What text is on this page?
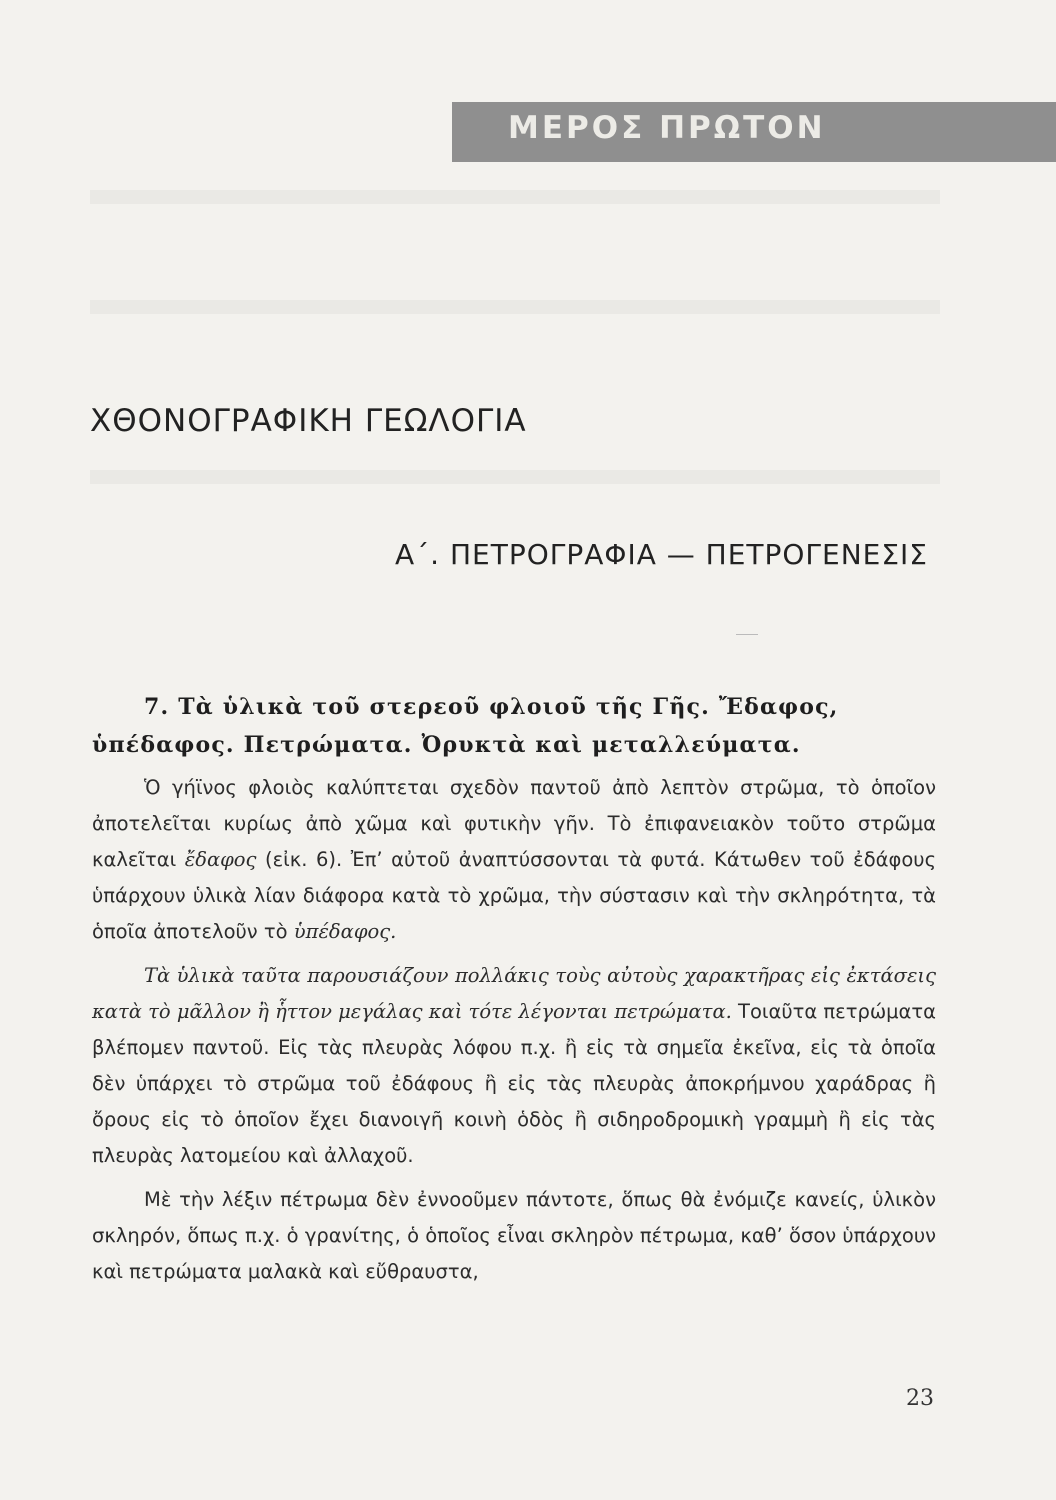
ΜΕΡΟΣ ΠΡΩΤΟΝ
ΧΘΟΝΟΓΡΑΦΙΚΗ ΓΕΩΛΟΓΙΑ
Α΄. ΠΕΤΡΟΓΡΑΦΙΑ — ΠΕΤΡΟΓΕΝΕΣΙΣ
7. Τὰ ὑλικὰ τοῦ στερεοῦ φλοιοῦ τῆς Γῆς. Ἔδαφος, ὑπέδαφος. Πετρώματα. Ὀρυκτὰ καὶ μεταλλεύματα.

Ὁ γήϊνος φλοιὸς καλύπτεται σχεδὸν παντοῦ ἀπὸ λεπτὸν στρῶμα, τὸ ὁποῖον ἀποτελεῖται κυρίως ἀπὸ χῶμα καὶ φυτικὴν γῆν. Τὸ ἐπιφανειακὸν τοῦτο στρῶμα καλεῖται ἔδαφος (εἰκ. 6). Ἐπ’ αὐτοῦ ἀναπτύσσονται τὰ φυτά. Κάτωθεν τοῦ ἐδάφους ὑπάρχουν ὑλικὰ λίαν διάφορα κατὰ τὸ χρῶμα, τὴν σύστασιν καὶ τὴν σκληρότητα, τὰ ὁποῖα ἀποτελοῦν τὸ ὑπέδαφος.

Τὰ ὑλικὰ ταῦτα παρουσιάζουν πολλάκις τοὺς αὐτοὺς χαρακτῆρας εἰς ἐκτάσεις κατὰ τὸ μᾶλλον ἢ ἧττον μεγάλας καὶ τότε λέγονται πετρώματα. Τοιαῦτα πετρώματα βλέπομεν παντοῦ. Εἰς τὰς πλευρὰς λόφου π.χ. ἢ εἰς τὰ σημεῖα ἐκεῖνα, εἰς τὰ ὁποῖα δὲν ὑπάρχει τὸ στρῶμα τοῦ ἐδάφους ἢ εἰς τὰς πλευρὰς ἀποκρήμνου χαράδρας ἢ ὄρους εἰς τὸ ὁποῖον ἔχει διανοιγῆ κοινὴ ὁδὸς ἢ σιδηροδρομικὴ γραμμὴ ἢ εἰς τὰς πλευρὰς λατομείου καὶ ἀλλαχοῦ.

Μὲ τὴν λέξιν πέτρωμα δὲν ἐννοοῦμεν πάντοτε, ὅπως θὰ ἐνόμιζε κανείς, ὑλικὸν σκληρόν, ὅπως π.χ. ὁ γρανίτης, ὁ ὁποῖος εἶναι σκληρὸν πέτρωμα, καθ’ ὅσον ὑπάρχουν καὶ πετρώματα μαλακὰ καὶ εὔθραυστα,

23
